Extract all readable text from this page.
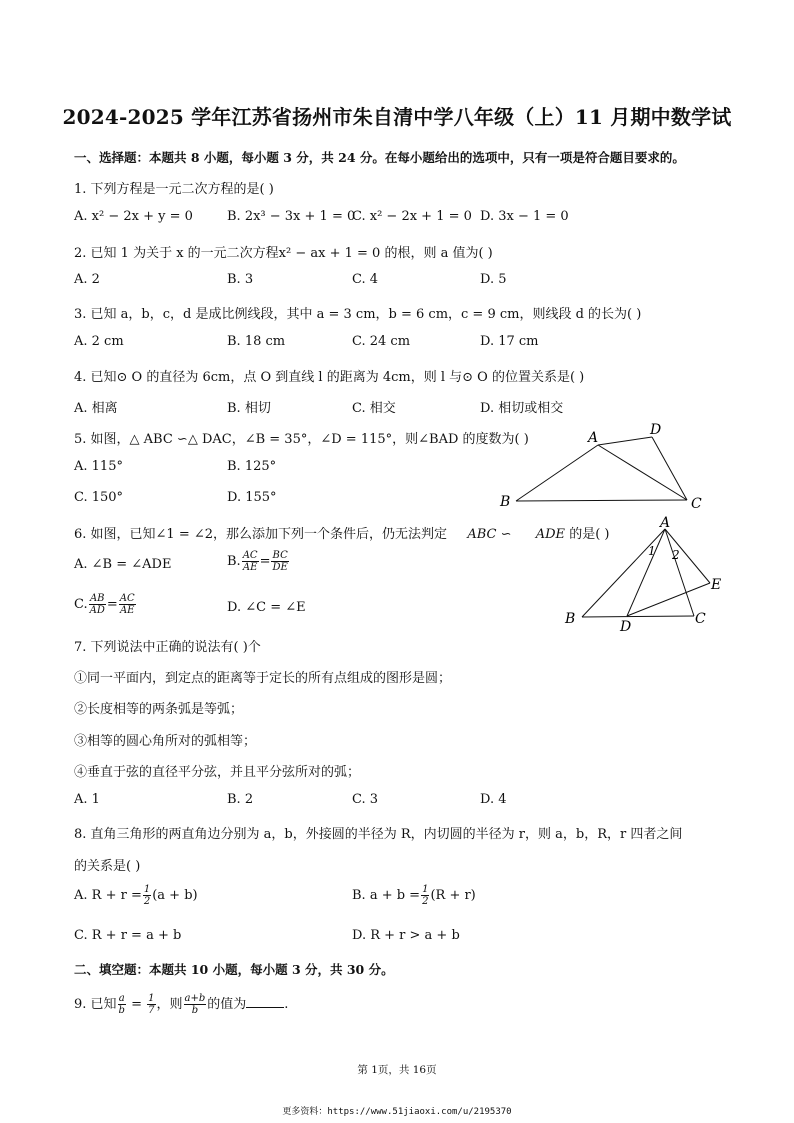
2024-2025 学年江苏省扬州市朱自清中学八年级（上）11 月期中数学试
一、选择题：本题共 8 小题，每小题 3 分，共 24 分。在每小题给出的选项中，只有一项是符合题目要求的。
1. 下列方程是一元二次方程的是( )
A. x² − 2x + y = 0	B. 2x³ − 3x + 1 = 0
C. x² − 2x + 1 = 0 D. 3x − 1 = 0
2. 已知 1 为关于 x 的一元二次方程x² − ax + 1 = 0 的根，则 a 值为( )
A. 2	B. 3	C. 4	D. 5
3. 已知 a，b，c，d 是成比例线段，其中 a = 3 cm，b = 6 cm，c = 9 cm，则线段 d 的长为( )
A. 2 cm	B. 18 cm	C. 24 cm	D. 17 cm
4. 已知⊙ O 的直径为 6cm，点 O 到直线 l 的距离为 4cm，则 l 与⊙ O 的位置关系是( )
A. 相离	B. 相切	C. 相交	D. 相切或相交
5. 如图，△ ABC ∽△ DAC，∠B = 35°，∠D = 115°，则∠BAD 的度数为( )
A. 115°	B. 125°
C. 150°	D. 155°
A	D
B	C
6. 如图，已知∠1 = ∠2，那么添加下列一个条件后，仍无法判定 ABC ∽ ADE 的是( )
A. ∠B = ∠ADE	B. $\frac{AC}{AE} = \frac{BC}{DE}$
C. $\frac{AB}{AD} = \frac{AC}{AE}$	D. ∠C = ∠E
A
B	D	C
E
1 2
7. 下列说法中正确的说法有( )个
①同一平面内，到定点的距离等于定长的所有点组成的图形是圆；
②长度相等的两条弧是等弧；
③相等的圆心角所对的弧相等；
④垂直于弦的直径平分弦，并且平分弦所对的弧；
A. 1	B. 2	C. 3	D. 4
8. 直角三角形的两直角边分别为 a，b，外接圆的半径为 R，内切圆的半径为 r，则 a，b，R，r 四者之间
的关系是( )
A. $R + r = \frac{1}{2} (a + b)$	B. $a + b = \frac{1}{2} (R + r)$
C. R + r = a + b	D. R + r > a + b
二、填空题：本题共 10 小题，每小题 3 分，共 30 分。
9. 已知 $\frac{a}{b} = \frac{1}{7}$ ，则 $\frac{a+b}{b}$ 的值为	.
第 1页，共 16页
更多资料：https://www.51jiaoxi.com/u/2195370
